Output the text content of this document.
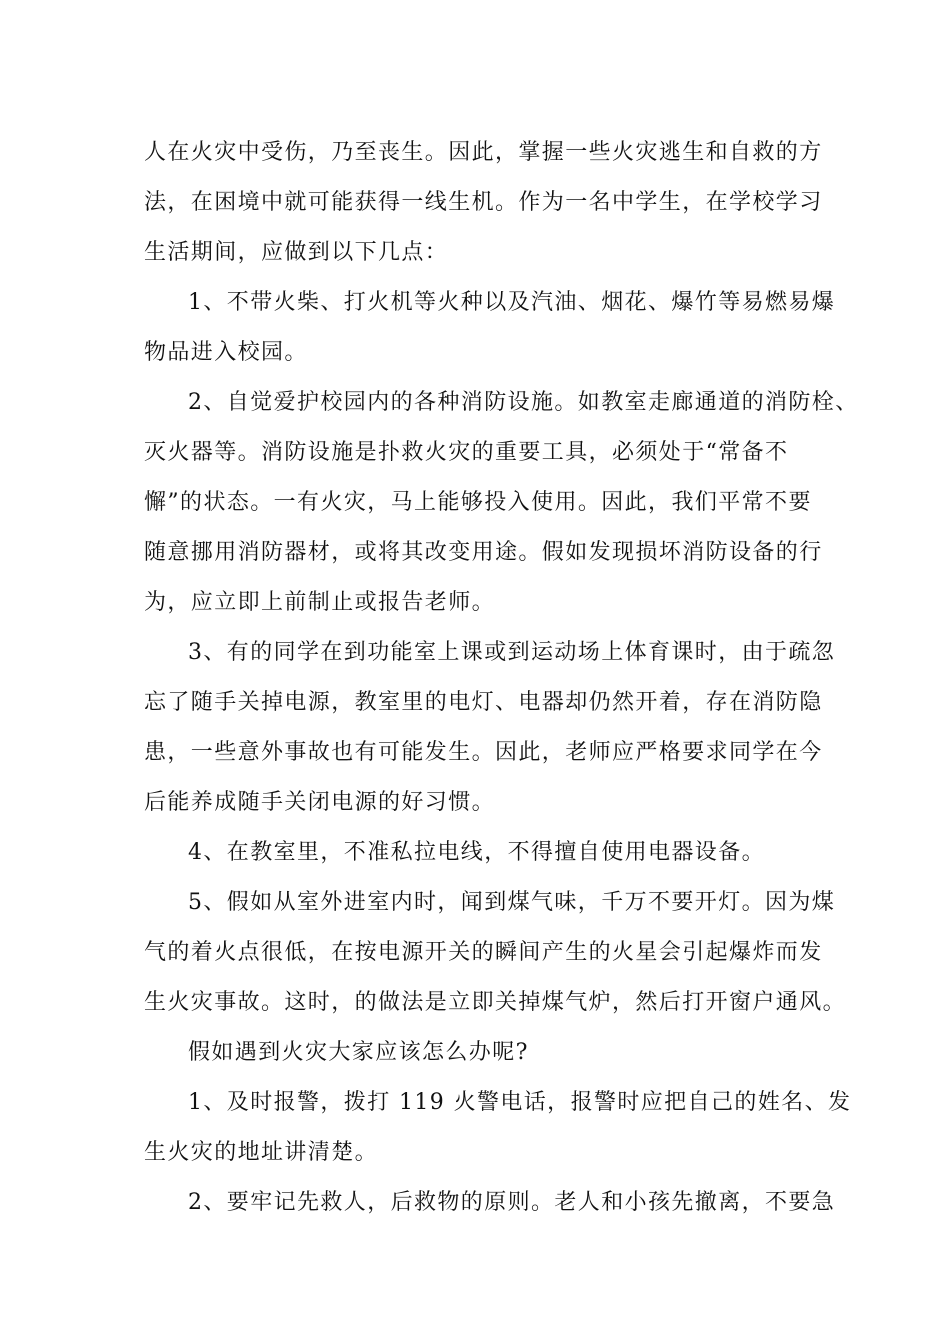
人在火灾中受伤，乃至丧生。因此，掌握一些火灾逃生和自救的方

法，在困境中就可能获得一线生机。作为一名中学生，在学校学习

生活期间，应做到以下几点：

1、不带火柴、打火机等火种以及汽油、烟花、爆竹等易燃易爆

物品进入校园。

2、自觉爱护校园内的各种消防设施。如教室走廊通道的消防栓、

灭火器等。消防设施是扑救火灾的重要工具，必须处于“常备不

懈”的状态。一有火灾，马上能够投入使用。因此，我们平常不要

随意挪用消防器材，或将其改变用途。假如发现损坏消防设备的行

为，应立即上前制止或报告老师。

3、有的同学在到功能室上课或到运动场上体育课时，由于疏忽

忘了随手关掉电源，教室里的电灯、电器却仍然开着，存在消防隐

患，一些意外事故也有可能发生。因此，老师应严格要求同学在今

后能养成随手关闭电源的好习惯。

4、在教室里，不准私拉电线，不得擅自使用电器设备。

5、假如从室外进室内时，闻到煤气味，千万不要开灯。因为煤

气的着火点很低，在按电源开关的瞬间产生的火星会引起爆炸而发

生火灾事故。这时，的做法是立即关掉煤气炉，然后打开窗户通风。

假如遇到火灾大家应该怎么办呢?

1、及时报警，拨打 119 火警电话，报警时应把自己的姓名、发

生火灾的地址讲清楚。

2、要牢记先救人，后救物的原则。老人和小孩先撤离，不要急
